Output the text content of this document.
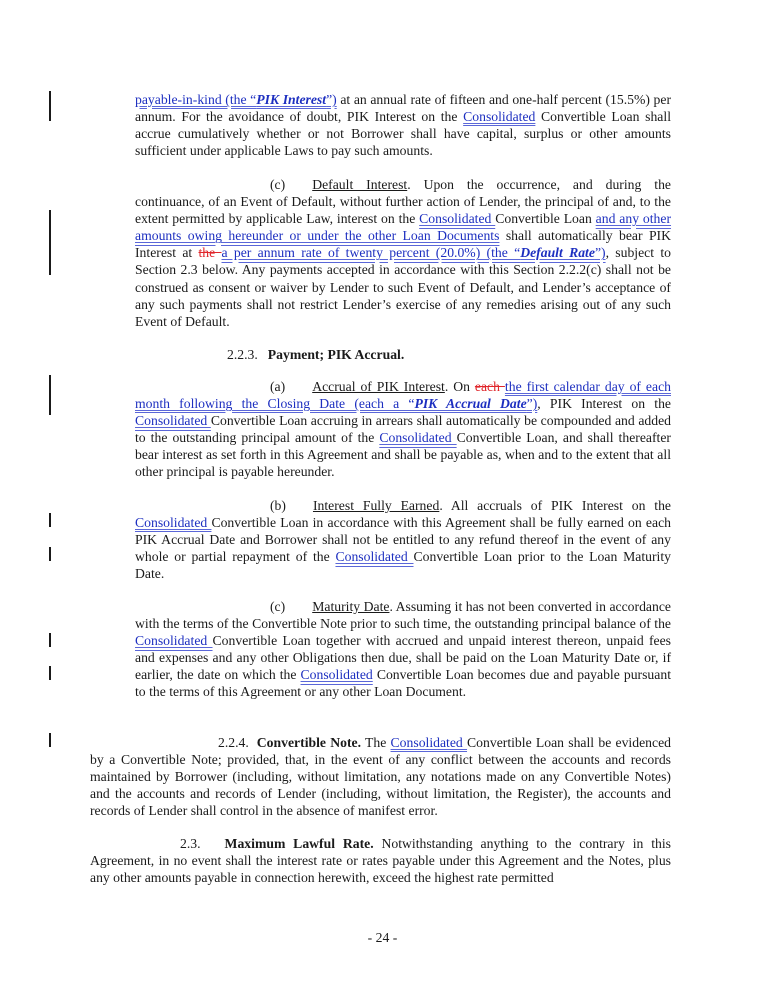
payable-in-kind (the “PIK Interest”) at an annual rate of fifteen and one-half percent (15.5%) per annum. For the avoidance of doubt, PIK Interest on the Consolidated Convertible Loan shall accrue cumulatively whether or not Borrower shall have capital, surplus or other amounts sufficient under applicable Laws to pay such amounts.
(c) Default Interest. Upon the occurrence, and during the continuance, of an Event of Default, without further action of Lender, the principal of and, to the extent permitted by applicable Law, interest on the Consolidated Convertible Loan and any other amounts owing hereunder or under the other Loan Documents shall automatically bear PIK Interest at the a per annum rate of twenty percent (20.0%) (the “Default Rate”), subject to Section 2.3 below. Any payments accepted in accordance with this Section 2.2.2(c) shall not be construed as consent or waiver by Lender to such Event of Default, and Lender’s acceptance of any such payments shall not restrict Lender’s exercise of any remedies arising out of any such Event of Default.
2.2.3. Payment; PIK Accrual.
(a) Accrual of PIK Interest. On each the first calendar day of each month following the Closing Date (each a “PIK Accrual Date”), PIK Interest on the Consolidated Convertible Loan accruing in arrears shall automatically be compounded and added to the outstanding principal amount of the Consolidated Convertible Loan, and shall thereafter bear interest as set forth in this Agreement and shall be payable as, when and to the extent that all other principal is payable hereunder.
(b) Interest Fully Earned. All accruals of PIK Interest on the Consolidated Convertible Loan in accordance with this Agreement shall be fully earned on each PIK Accrual Date and Borrower shall not be entitled to any refund thereof in the event of any whole or partial repayment of the Consolidated Convertible Loan prior to the Loan Maturity Date.
(c) Maturity Date. Assuming it has not been converted in accordance with the terms of the Convertible Note prior to such time, the outstanding principal balance of the Consolidated Convertible Loan together with accrued and unpaid interest thereon, unpaid fees and expenses and any other Obligations then due, shall be paid on the Loan Maturity Date or, if earlier, the date on which the Consolidated Convertible Loan becomes due and payable pursuant to the terms of this Agreement or any other Loan Document.
2.2.4. Convertible Note. The Consolidated Convertible Loan shall be evidenced by a Convertible Note; provided, that, in the event of any conflict between the accounts and records maintained by Borrower (including, without limitation, any notations made on any Convertible Notes) and the accounts and records of Lender (including, without limitation, the Register), the accounts and records of Lender shall control in the absence of manifest error.
2.3. Maximum Lawful Rate. Notwithstanding anything to the contrary in this Agreement, in no event shall the interest rate or rates payable under this Agreement and the Notes, plus any other amounts payable in connection herewith, exceed the highest rate permitted
- 24 -
